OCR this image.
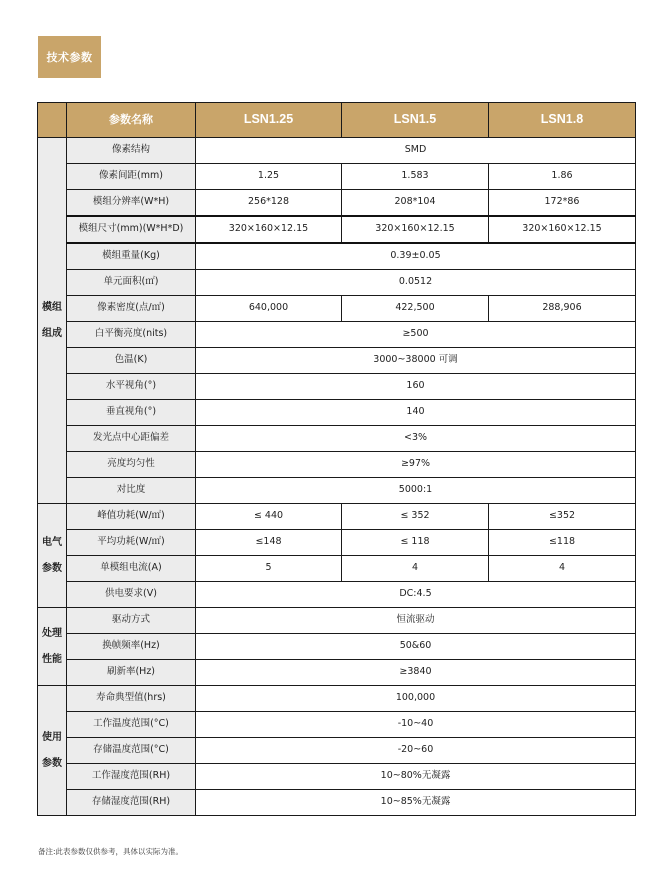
技术参数
	参数名称	LSN1.25	LSN1.5	LSN1.8

模组
组成	像素结构	SMD		
	像素间距(mm)	1.25	1.583	1.86
	模组分辨率(W*H)	256*128	208*104	172*86
	模组尺寸(mm)(W*H*D)	320×160×12.15	320×160×12.15	320×160×12.15
	模组重量(Kg)	0.39±0.05		
	单元面积(㎡)	0.0512		
	像素密度(点/㎡)	640,000	422,500	288,906
	白平衡亮度(nits)	≥500		
	色温(K)	3000~38000 可调		
	水平视角(°)	160		
	垂直视角(°)	140		
	发光点中心距偏差	<3%		
	亮度均匀性	≥97%		
	对比度	5000:1		

电气
参数	峰值功耗(W/㎡)	≤ 440	≤ 352	≤352
	平均功耗(W/㎡)	≤148	≤ 118	≤118
	单模组电流(A)	5	4	4
	供电要求(V)	DC:4.5		

处理
性能	驱动方式	恒流驱动		
	换帧频率(Hz)	50&60		
	刷新率(Hz)	≥3840		

使用
参数	寿命典型值(hrs)	100,000		
	工作温度范围(°C)	-10~40		
	存储温度范围(°C)	-20~60		
	工作湿度范围(RH)	10~80%无凝露		
	存储湿度范围(RH)	10~85%无凝露		
备注:此表参数仅供参考，具体以实际为准。
